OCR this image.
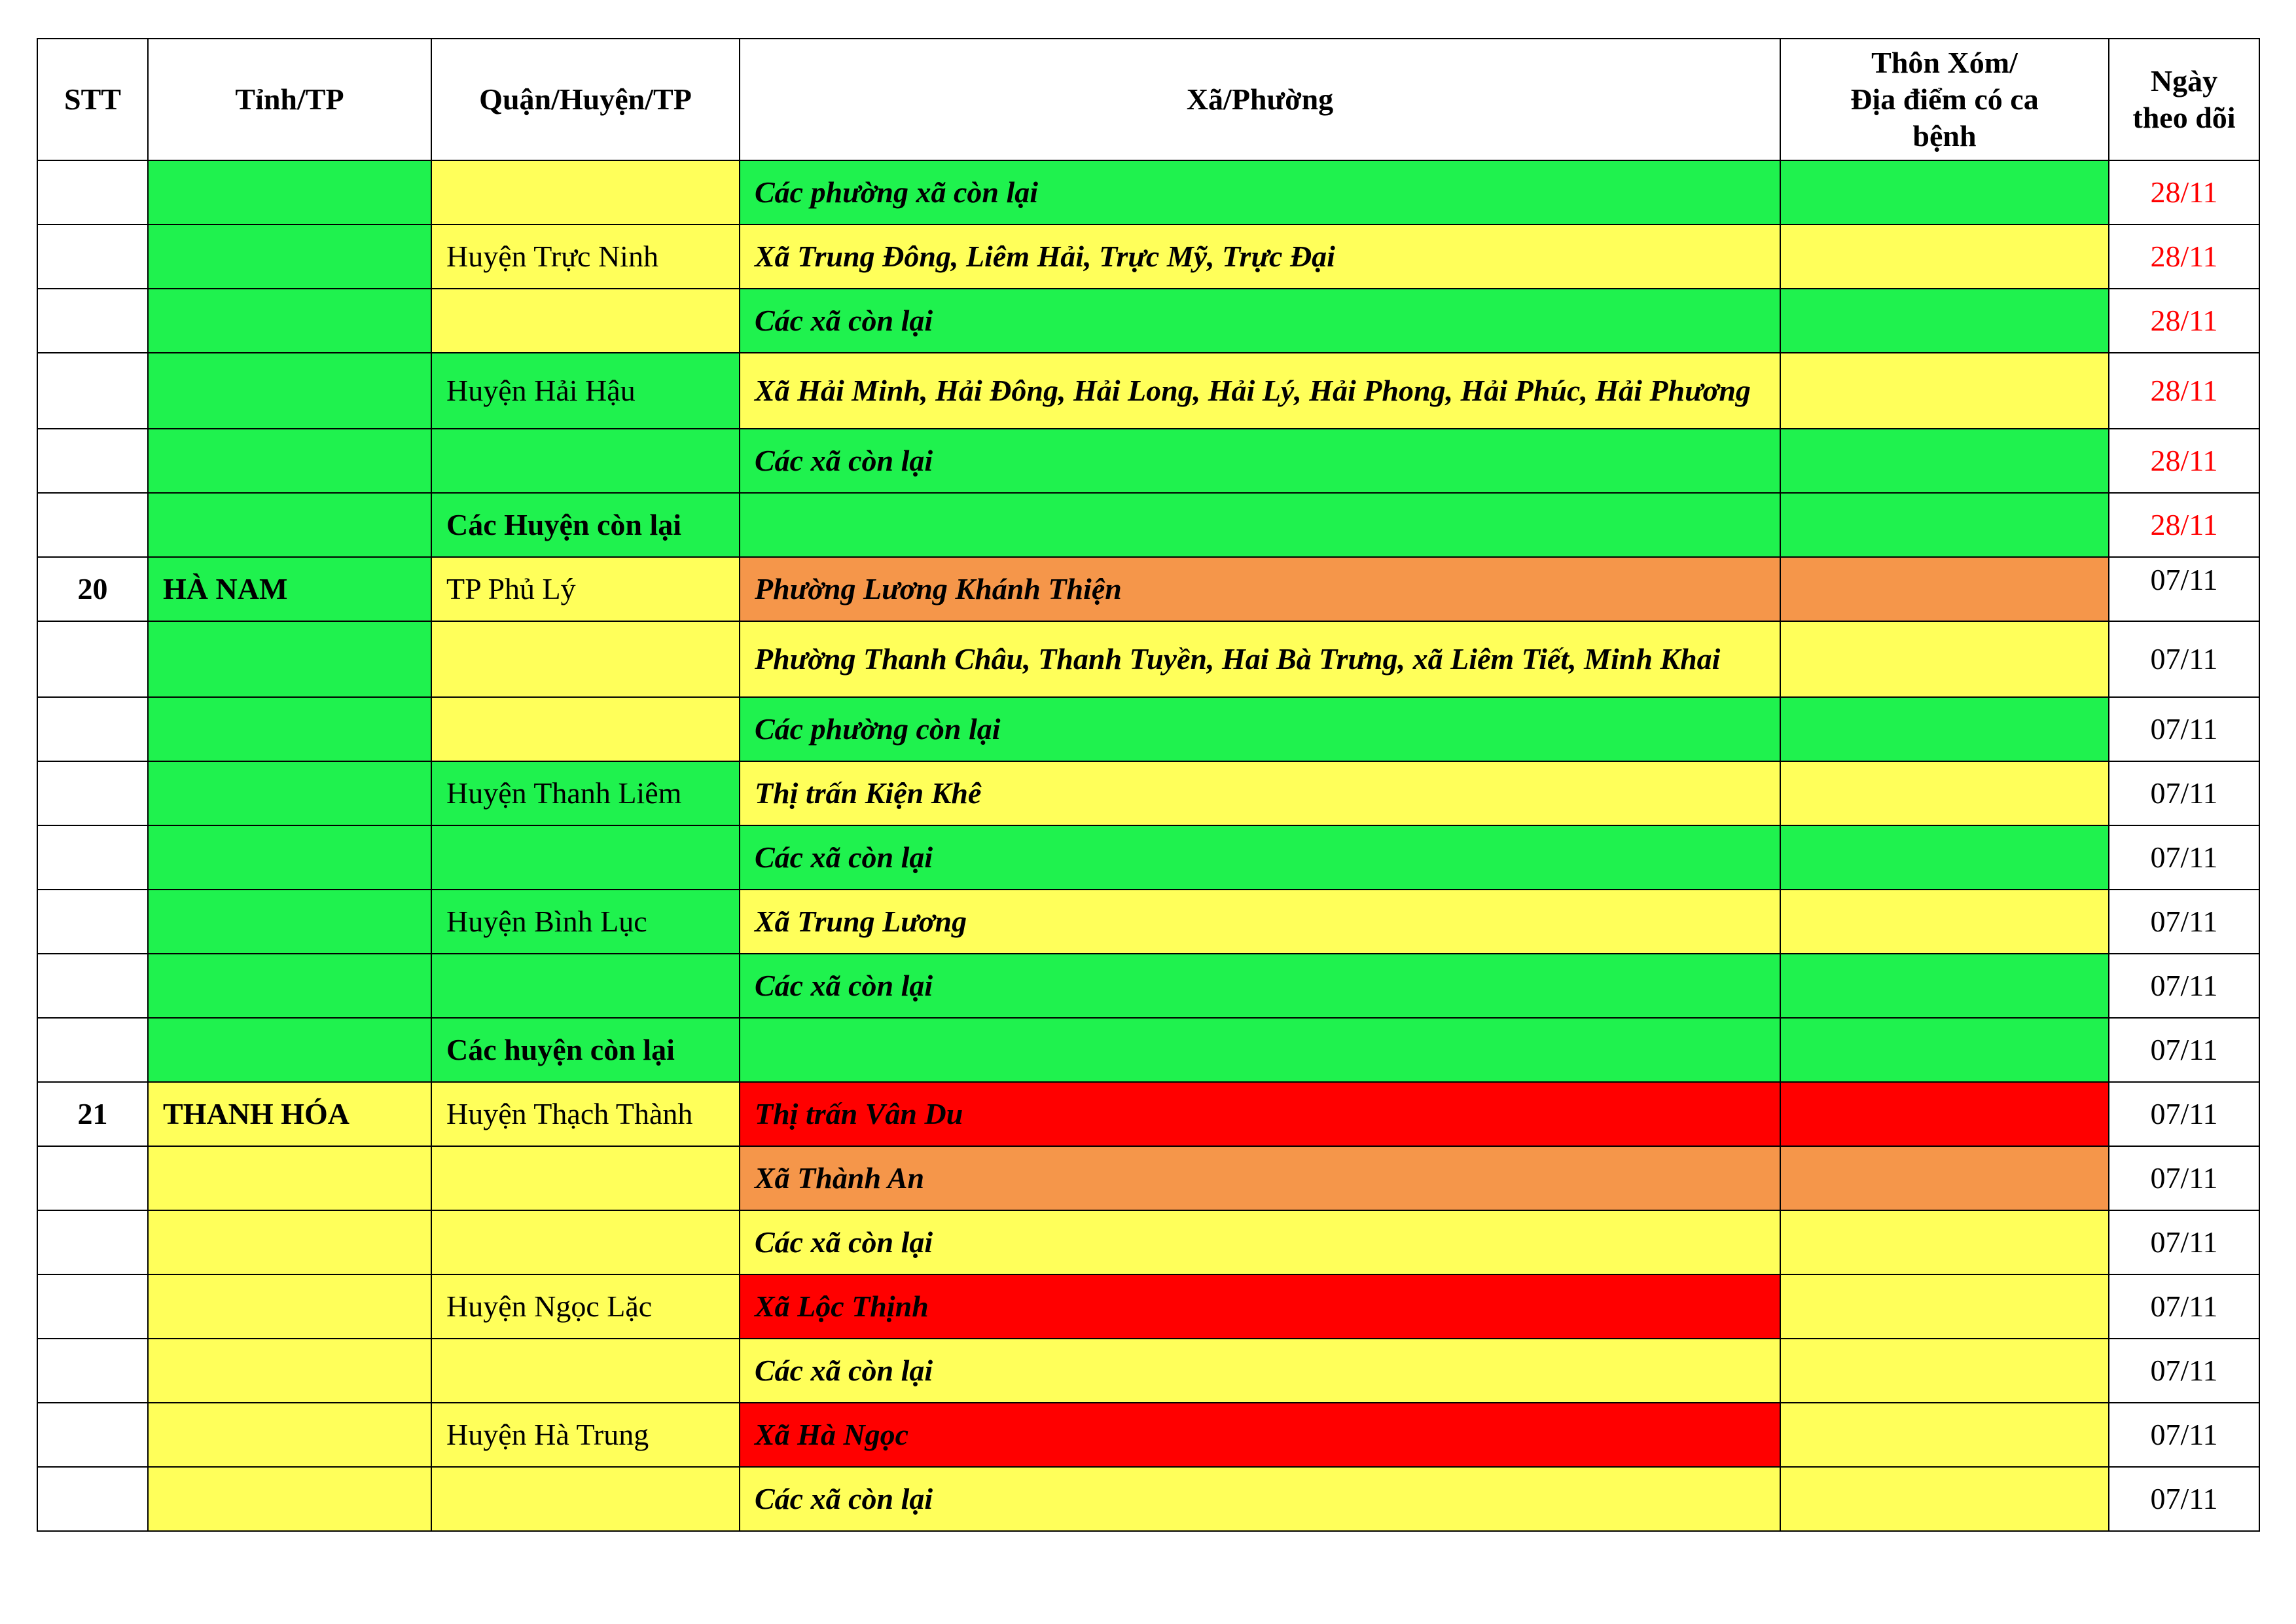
STT	Tỉnh/TP	Quận/Huyện/TP	Xã/Phường	Thôn Xóm/
Địa điểm có ca
bệnh	Ngày
theo dõi
			Các phường xã còn lại		28/11
		Huyện Trực Ninh	Xã Trung Đông, Liêm Hải, Trực Mỹ, Trực Đại		28/11
			Các xã còn lại		28/11
		Huyện Hải Hậu	Xã Hải Minh, Hải Đông, Hải Long, Hải Lý, Hải Phong, Hải Phúc, Hải Phương		28/11
			Các xã còn lại		28/11
		Các Huyện còn lại			28/11
20	HÀ NAM	TP Phủ Lý	Phường Lương Khánh Thiện		07/11
			Phường Thanh Châu, Thanh Tuyền, Hai Bà Trưng, xã Liêm Tiết, Minh Khai		07/11
			Các phường còn lại		07/11
		Huyện Thanh Liêm	Thị trấn Kiện Khê		07/11
			Các xã còn lại		07/11
		Huyện Bình Lục	Xã Trung Lương		07/11
			Các xã còn lại		07/11
		Các huyện còn lại			07/11
21	THANH HÓA	Huyện Thạch Thành	Thị trấn Vân Du		07/11
			Xã Thành An		07/11
			Các xã còn lại		07/11
		Huyện Ngọc Lặc	Xã Lộc Thịnh		07/11
			Các xã còn lại		07/11
		Huyện Hà Trung	Xã Hà Ngọc		07/11
			Các xã còn lại		07/11
